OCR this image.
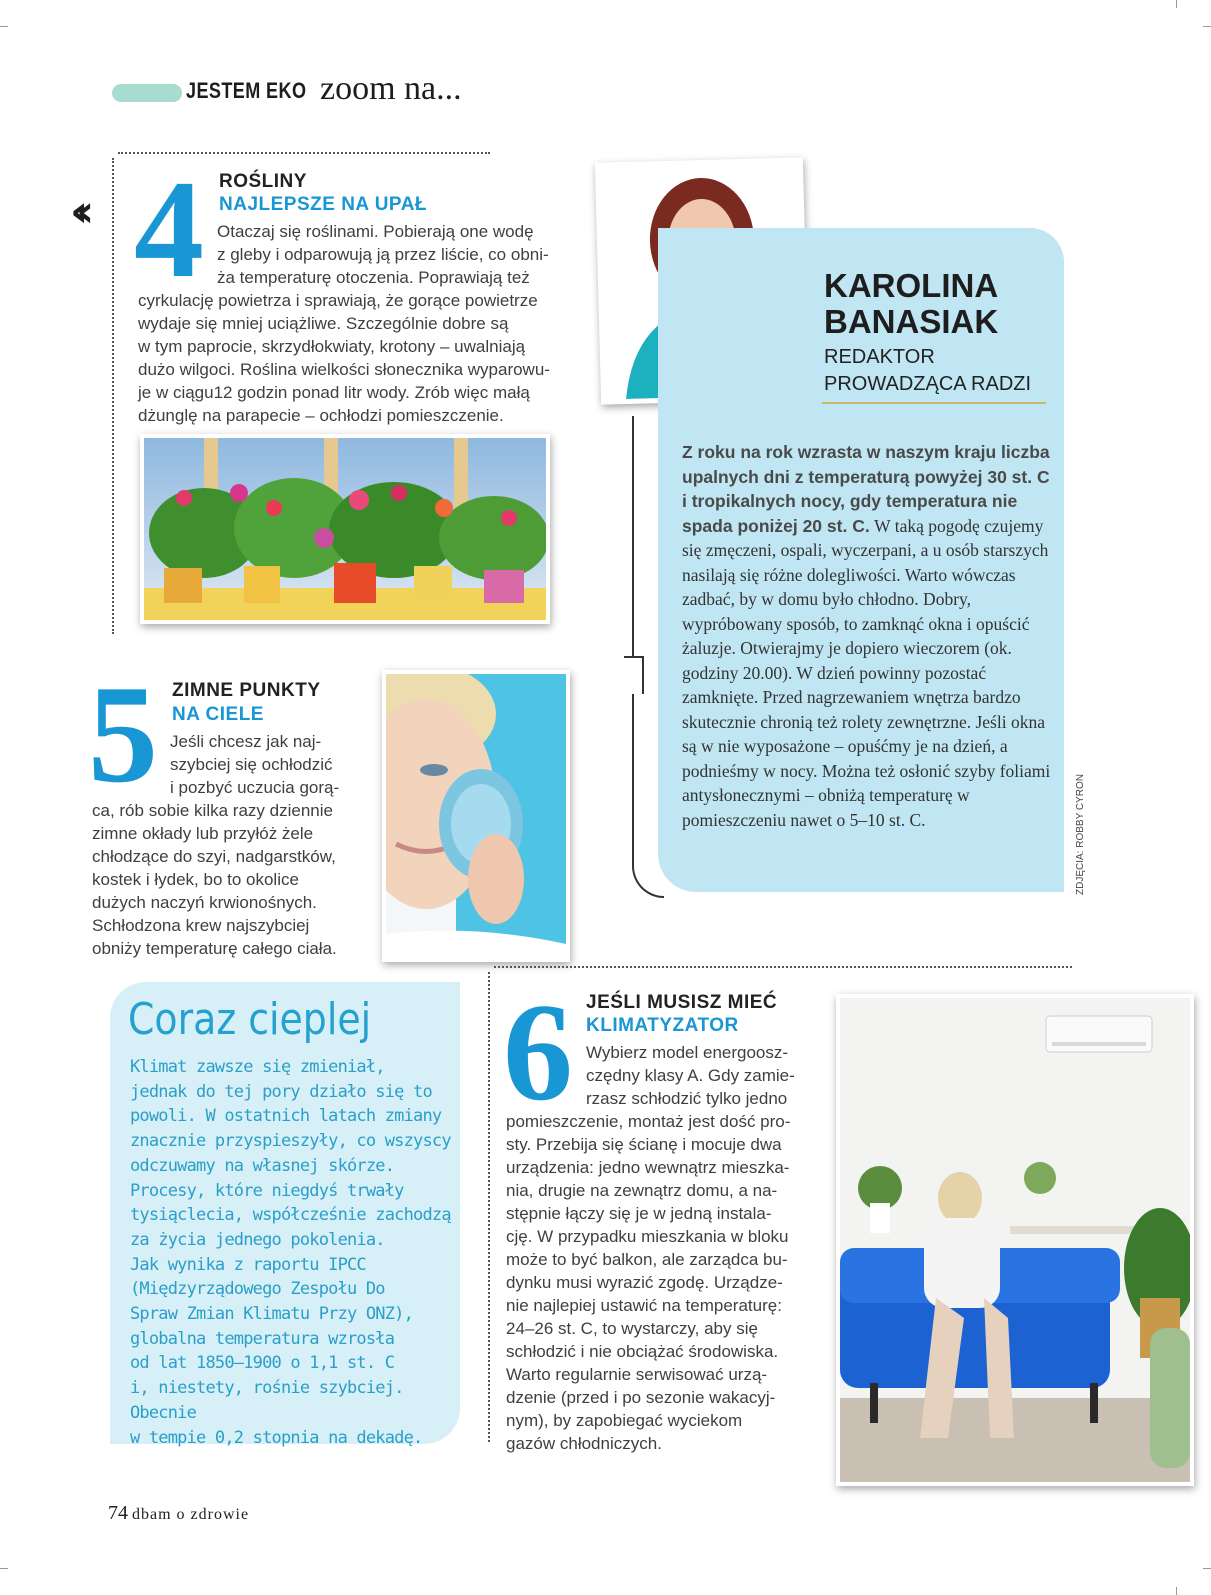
JESTEM EKO zoom na...
‹‹ 4 ROŚLINY
NAJLEPSZE NA UPAŁ
Otaczaj się roślinami. Pobierają one wodę
z gleby i odparowują ją przez liście, co obni-
ża temperaturę otoczenia. Poprawiają też
cyrkulację powietrza i sprawiają, że gorące powietrze
wydaje się mniej uciążliwe. Szczególnie dobre są
w tym paprocie, skrzydłokwiaty, krotony – uwalniają
dużo wilgoci. Roślina wielkości słonecznika wyparowu-
je w ciągu12 godzin ponad litr wody. Zrób więc małą
dżunglę na parapecie – ochłodzi pomieszczenie.
5 ZIMNE PUNKTY
NA CIELE
Jeśli chcesz jak naj-
szybciej się ochłodzić
i pozbyć uczucia gorą-
ca, rób sobie kilka razy dziennie
zimne okłady lub przyłóż żele
chłodzące do szyi, nadgarstków,
kostek i łydek, bo to okolice
dużych naczyń krwionośnych.
Schłodzona krew najszybciej
obniży temperaturę całego ciała.
KAROLINA
BANASIAK
REDAKTOR
PROWADZĄCA RADZI
Z roku na rok wzrasta w naszym kraju liczba upalnych dni z temperaturą powyżej 30 st. C i tropikalnych nocy, gdy temperatura nie spada poniżej 20 st. C. W taką pogodę czujemy się zmęczeni, ospali, wyczerpani, a u osób starszych nasilają się różne dolegliwości. Warto wówczas zadbać, by w domu było chłodno. Dobry, wypróbowany sposób, to zamknąć okna i opuścić żaluzje. Otwierajmy je dopiero wieczorem (ok. godziny 20.00). W dzień powinny pozostać zamknięte. Przed nagrzewaniem wnętrza bardzo skutecznie chronią też rolety zewnętrzne. Jeśli okna są w nie wyposażone – opuśćmy je na dzień, a podnieśmy w nocy. Można też osłonić szyby foliami antysłonecznymi – obniżą temperaturę w pomieszczeniu nawet o 5–10 st. C.	ZDJĘCIA: ROBBY CYRON
Coraz cieplej
Klimat zawsze się zmieniał,
jednak do tej pory działo się to
powoli. W ostatnich latach zmiany
znacznie przyspieszyły, co wszyscy
odczuwamy na własnej skórze.
Procesy, które niegdyś trwały
tysiąclecia, współcześnie zachodzą
za życia jednego pokolenia.
Jak wynika z raportu IPCC
(Międzyrządowego Zespołu Do
Spraw Zmian Klimatu Przy ONZ),
globalna temperatura wzrosła
od lat 1850–1900 o 1,1 st. C
i, niestety, rośnie szybciej. Obecnie
w tempie 0,2 stopnia na dekadę.
6 JEŚLI MUSISZ MIEĆ
KLIMATYZATOR
Wybierz model energoosz-
czędny klasy A. Gdy zamie-
rzasz schłodzić tylko jedno
pomieszczenie, montaż jest dość pro-
sty. Przebija się ścianę i mocuje dwa
urządzenia: jedno wewnątrz mieszka-
nia, drugie na zewnątrz domu, a na-
stępnie łączy się je w jedną instala-
cję. W przypadku mieszkania w bloku
może to być balkon, ale zarządca bu-
dynku musi wyrazić zgodę. Urządze-
nie najlepiej ustawić na temperaturę:
24–26 st. C, to wystarczy, aby się
schłodzić i nie obciążać środowiska.
Warto regularnie serwisować urzą-
dzenie (przed i po sezonie wakacyj-
nym), by zapobiegać wyciekom
gazów chłodniczych.
74 dbam o zdrowie
